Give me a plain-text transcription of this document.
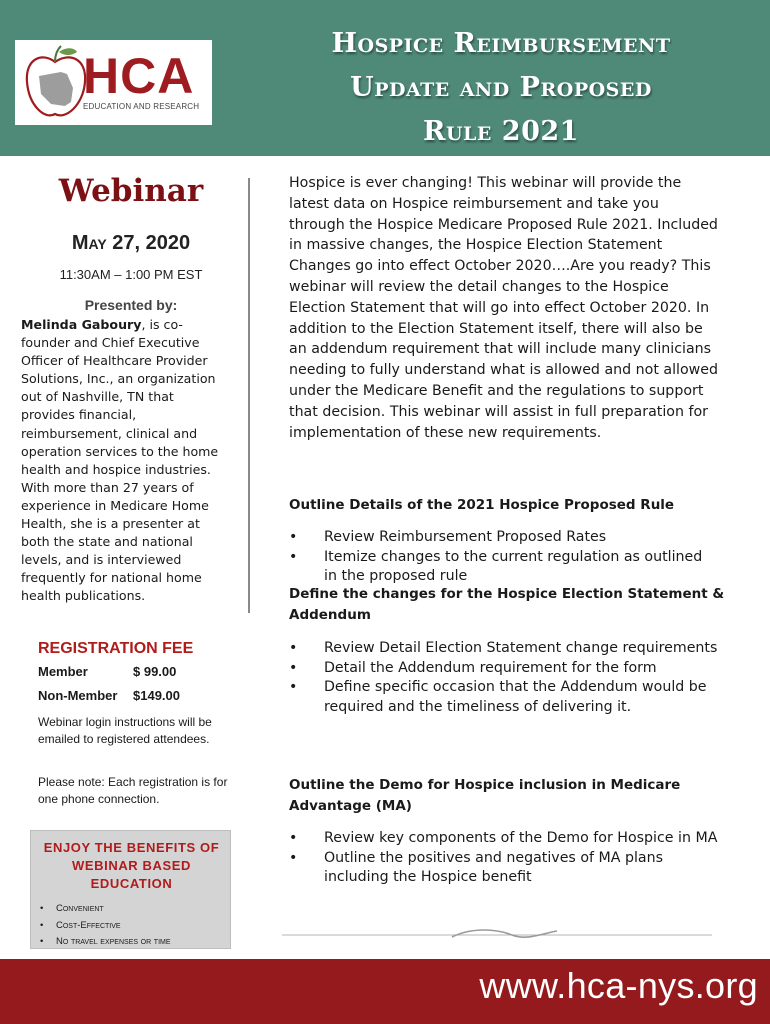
HCA
EDUCATION AND RESEARCH
Hospice Reimbursement
Update and Proposed
Rule 2021
Webinar
May 27, 2020
11:30AM – 1:00 PM EST
Presented by:
Melinda Gaboury, is co-founder and Chief Executive Officer of Healthcare Provider Solutions, Inc., an organization out of Nashville, TN that provides financial, reimbursement, clinical and operation services to the home health and hospice industries. With more than 27 years of experience in Medicare Home Health, she is a presenter at both the state and national levels, and is interviewed frequently for national home health publications.
REGISTRATION FEE
Member	$ 99.00
Non-Member $149.00
Webinar login instructions will be emailed to registered attendees.
Please note: Each registration is for one phone connection.
ENJOY THE BENEFITS OF WEBINAR BASED EDUCATION
• Convenient
• Cost-Effective
• No travel expenses or time
Hospice is ever changing! This webinar will provide the latest data on Hospice reimbursement and take you through the Hospice Medicare Proposed Rule 2021. Included in massive changes, the Hospice Election Statement Changes go into effect October 2020….Are you ready? This webinar will review the detail changes to the Hospice Election Statement that will go into effect October 2020. In addition to the Election Statement itself, there will also be an addendum requirement that will include many clinicians needing to fully understand what is allowed and not allowed under the Medicare Benefit and the regulations to support that decision. This webinar will assist in full preparation for implementation of these new requirements.
Outline Details of the 2021 Hospice Proposed Rule
• Review Reimbursement Proposed Rates
• Itemize changes to the current regulation as outlined in the proposed rule
Define the changes for the Hospice Election Statement & Addendum
• Review Detail Election Statement change requirements
• Detail the Addendum requirement for the form
• Define specific occasion that the Addendum would be required and the timeliness of delivering it.
Outline the Demo for Hospice inclusion in Medicare Advantage (MA)
• Review key components of the Demo for Hospice in MA
• Outline the positives and negatives of MA plans including the Hospice benefit
www.hca-nys.org
